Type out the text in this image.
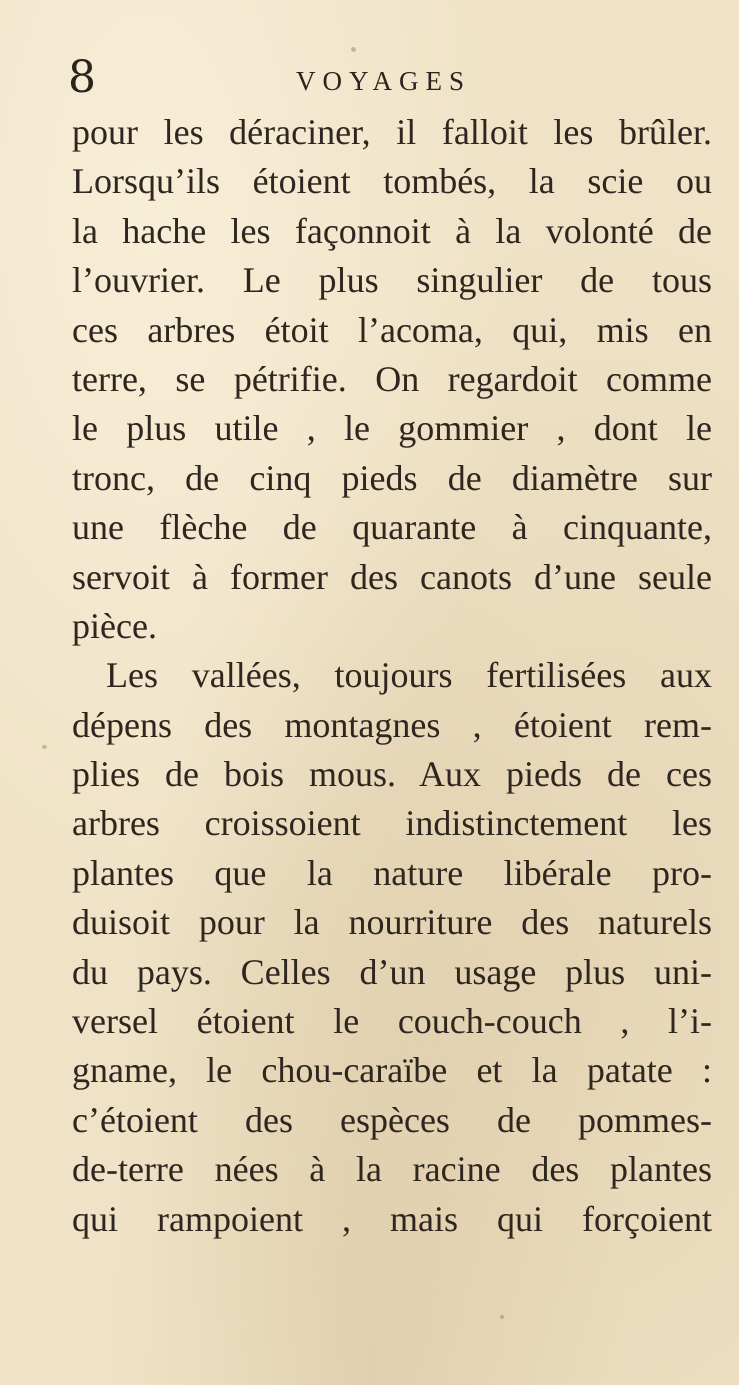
8	VOYAGES
pour les déraciner, il falloit les brûler.
Lorsqu’ils étoient tombés, la scie ou
la hache les façonnoit à la volonté de
l’ouvrier. Le plus singulier de tous
ces arbres étoit l’acoma, qui, mis en
terre, se pétrifie. On regardoit comme
le plus utile , le gommier , dont le
tronc, de cinq pieds de diamètre sur
une flèche de quarante à cinquante,
servoit à former des canots d’une seule
pièce.
Les vallées, toujours fertilisées aux
dépens des montagnes , étoient rem-
plies de bois mous. Aux pieds de ces
arbres croissoient indistinctement les
plantes que la nature libérale pro-
duisoit pour la nourriture des naturels
du pays. Celles d’un usage plus uni-
versel étoient le couch-couch , l’i-
gname, le chou-caraïbe et la patate :
c’étoient des espèces de pommes-
de-terre nées à la racine des plantes
qui rampoient , mais qui forçoient
